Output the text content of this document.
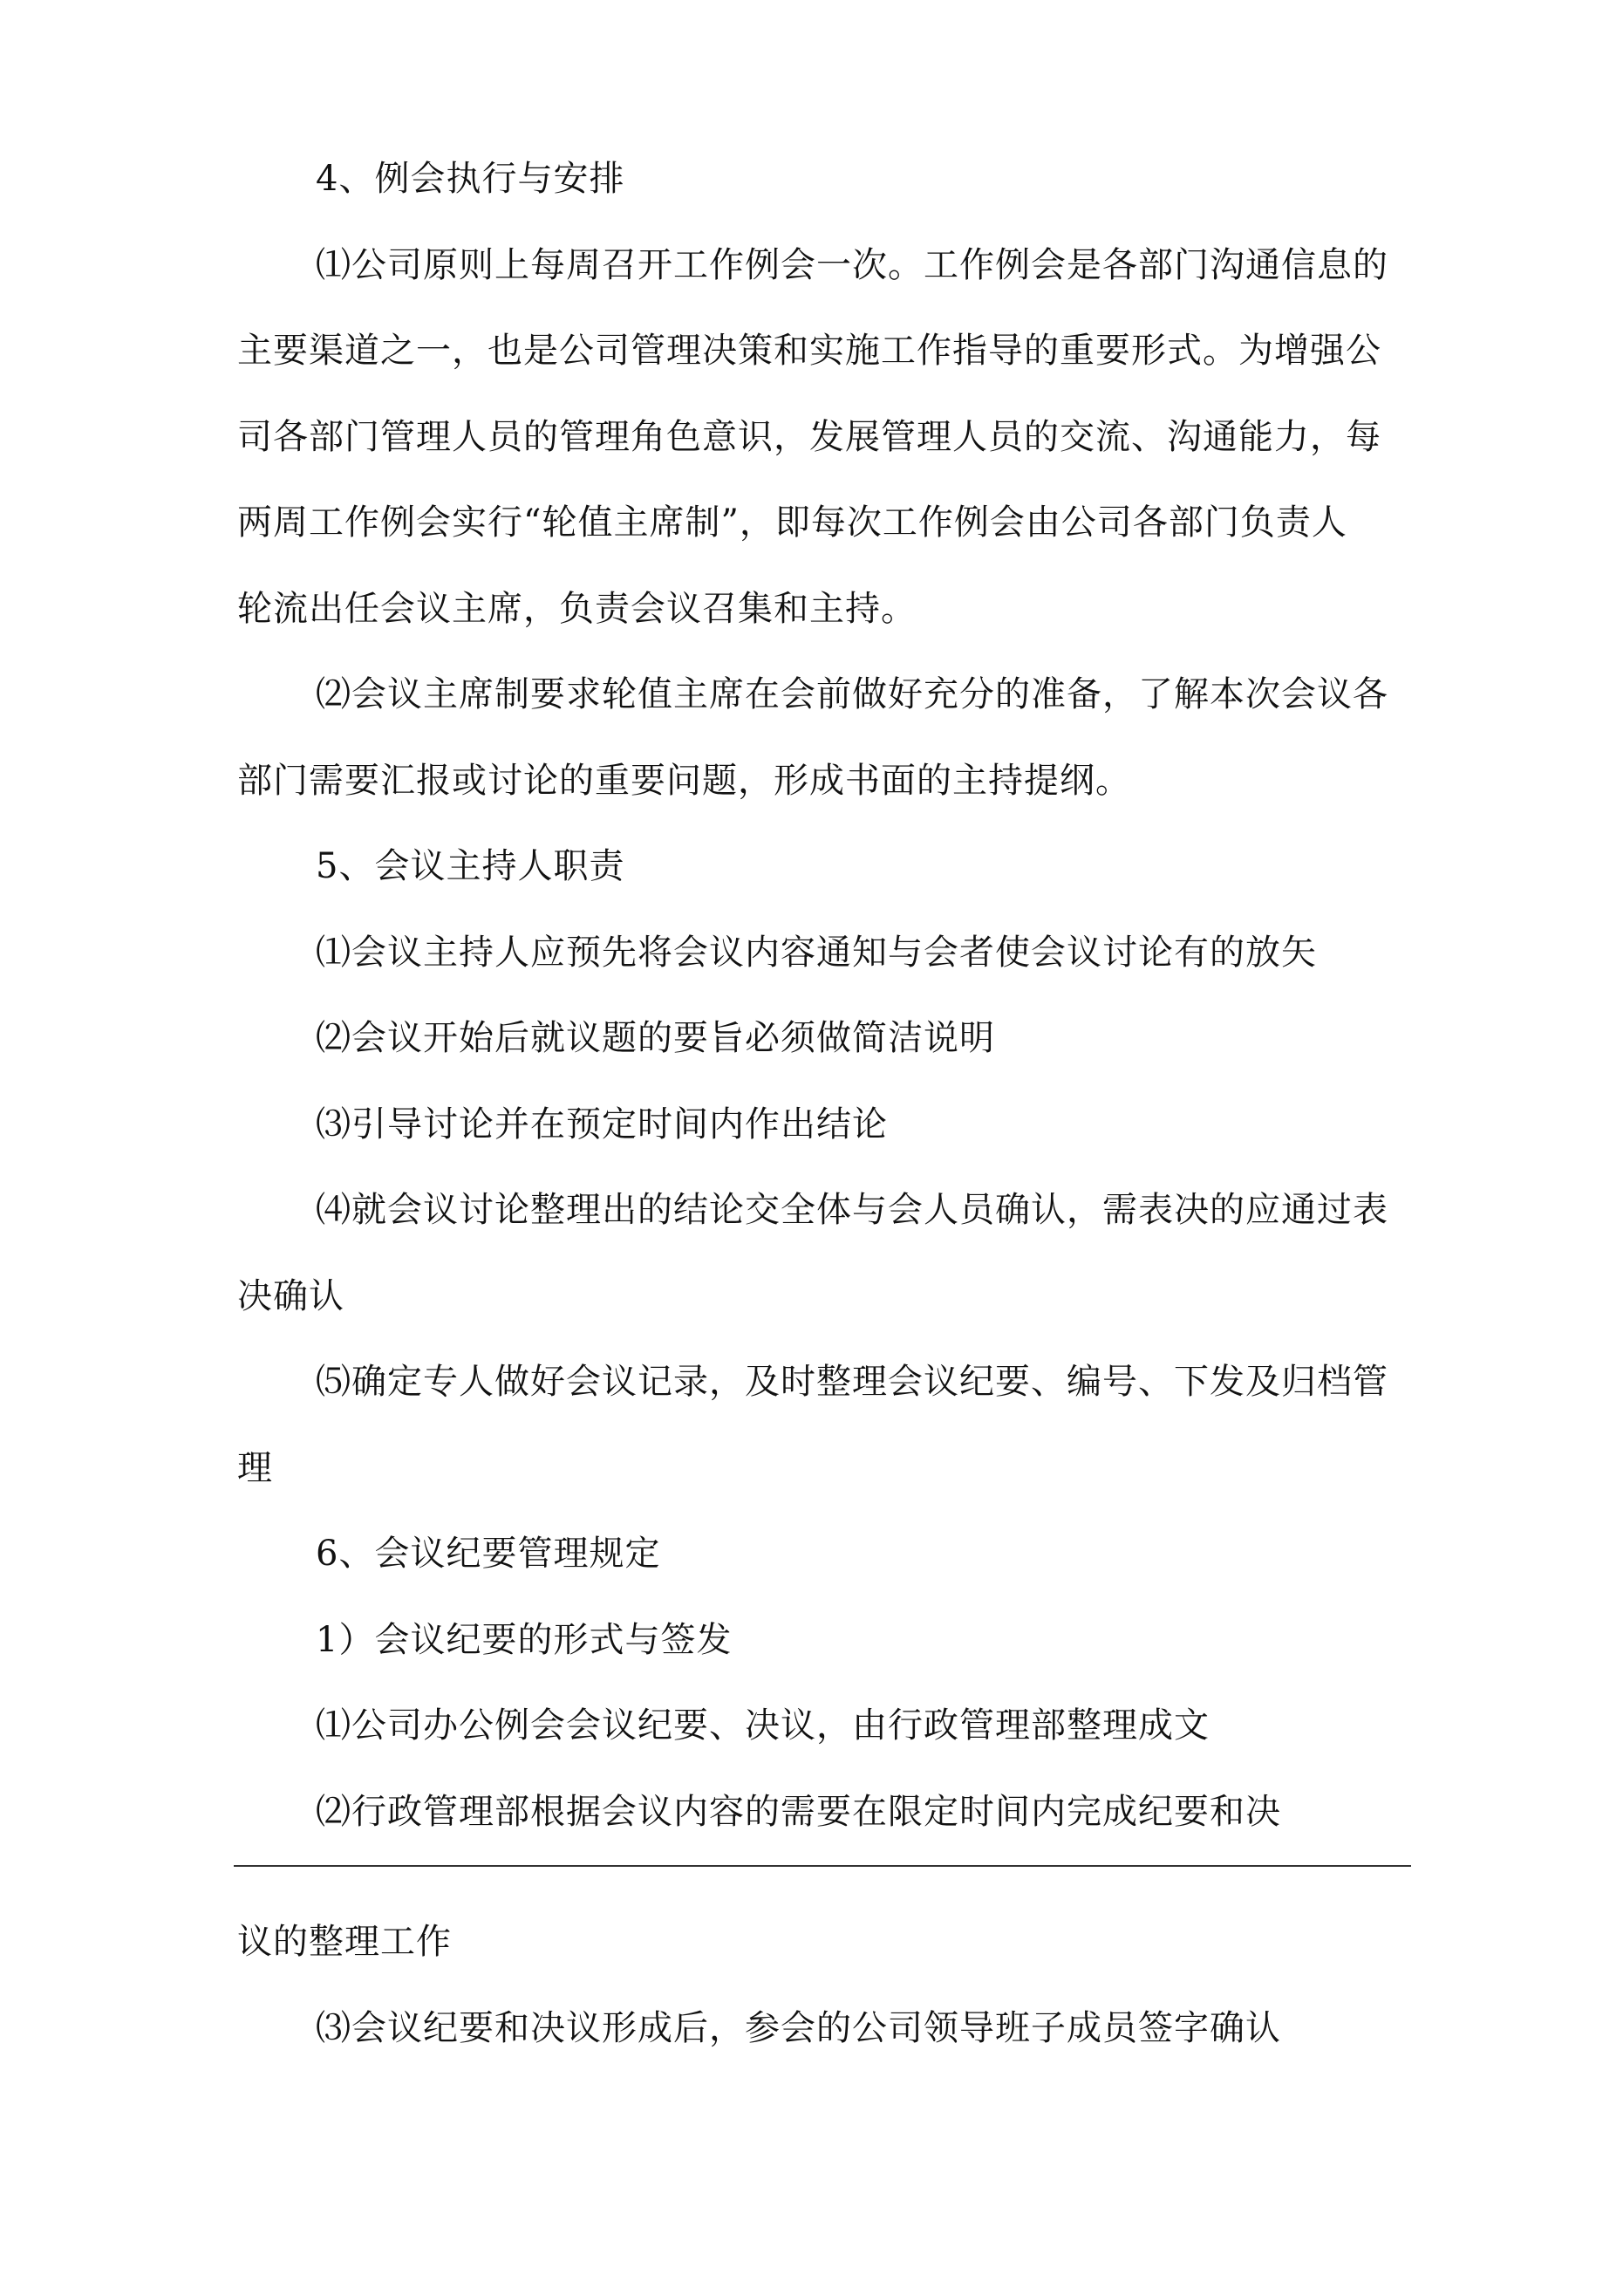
4、例会执行与安排
⑴公司原则上每周召开工作例会一次。工作例会是各部门沟通信息的
主要渠道之一，也是公司管理决策和实施工作指导的重要形式。为增强公
司各部门管理人员的管理角色意识，发展管理人员的交流、沟通能力，每
两周工作例会实行“轮值主席制”，即每次工作例会由公司各部门负责人
轮流出任会议主席，负责会议召集和主持。
⑵会议主席制要求轮值主席在会前做好充分的准备，了解本次会议各
部门需要汇报或讨论的重要问题，形成书面的主持提纲。
5、会议主持人职责
⑴会议主持人应预先将会议内容通知与会者使会议讨论有的放矢
⑵会议开始后就议题的要旨必须做简洁说明
⑶引导讨论并在预定时间内作出结论
⑷就会议讨论整理出的结论交全体与会人员确认，需表决的应通过表
决确认
⑸确定专人做好会议记录，及时整理会议纪要、编号、下发及归档管
理
6、会议纪要管理规定
1）会议纪要的形式与签发
⑴公司办公例会会议纪要、决议，由行政管理部整理成文
⑵行政管理部根据会议内容的需要在限定时间内完成纪要和决
议的整理工作
⑶会议纪要和决议形成后，参会的公司领导班子成员签字确认
